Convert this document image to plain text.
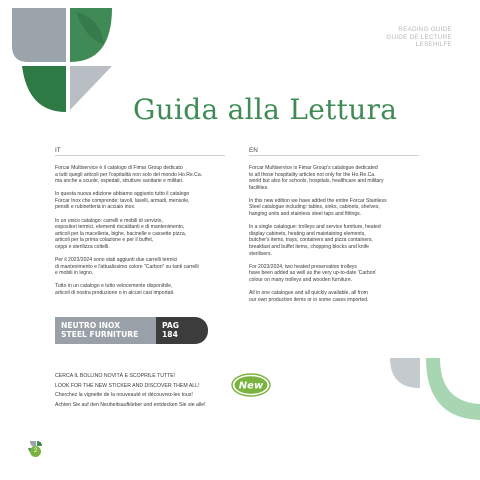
READING GUIDE
GUIDE DE LECTURE
LESEHILFE
Guida alla Lettura
IT

Forcar Multiservice è il catalogo di Fimar Group dedicato
a tutti quegli articoli per l'ospitalità non solo del mondo Ho.Re.Ca.
ma anche a scuole, ospedali, strutture sanitarie e militari.

In questa nuova edizione abbiamo aggiunto tutto il catalogo
Forcar Inox che comprende: tavoli, lavelli, armadi, mensole,
pensili e rubinetteria in acciaio inox.

In un unico catalogo: carrelli e mobili di servizio,
espositori termici, elementi riscaldanti e di mantenimento,
articoli per la macelleria, bighe, bacinelle e cassette pizza,
articoli per la prima colazione e per il buffet,
ceppi e sterilizza coltelli.

Per il 2023/2024 sono stati aggiunti due carrelli termici
di mantenimento e l'attualissimo colore "Carbon" su tanti carrelli
e mobili in legno.

Tutto in un catalogo e tutto velocemente disponibile,
articoli di nostra produzione o in alcuni casi importati.

EN

Forcar Multiservice is Fimar Group's catalogue dedicated
to all those hospitality articles not only for the Ho.Re.Ca.
world but also for schools, hospitals, healthcare and military
facilities.

In this new edition we have added the entire Forcar Stainless
Steel catalogue including: tables, sinks, cabinets, shelves,
hanging units and stainless steel taps and fittings.

In a single catalogue: trolleys and service furniture, heated
display cabinets, heating and maintaining elements,
butcher's items, trays, containers and pizza containers,
breakfast and buffet items, chopping blocks and knife
sterilisers.

For 2023/2024, two heated preservation trolleys
have been added as well as the very up-to-date 'Carbon'
colour on many trolleys and wooden furniture.

All in one catalogue and all quickly available, all from
our own production items or in some cases imported.

NEUTRO INOX
STEEL FURNITURE
PAG
184
CERCA IL BOLLINO NOVITÀ E SCOPRILE TUTTE!
LOOK FOR THE NEW STICKER AND DISCOVER THEM ALL!
Cherchez la vignette de la nouveauté et découvrez-les tous!
Achten Sie auf den Neuheitsaufkleber und entdecken Sie sie alle!
New
2
